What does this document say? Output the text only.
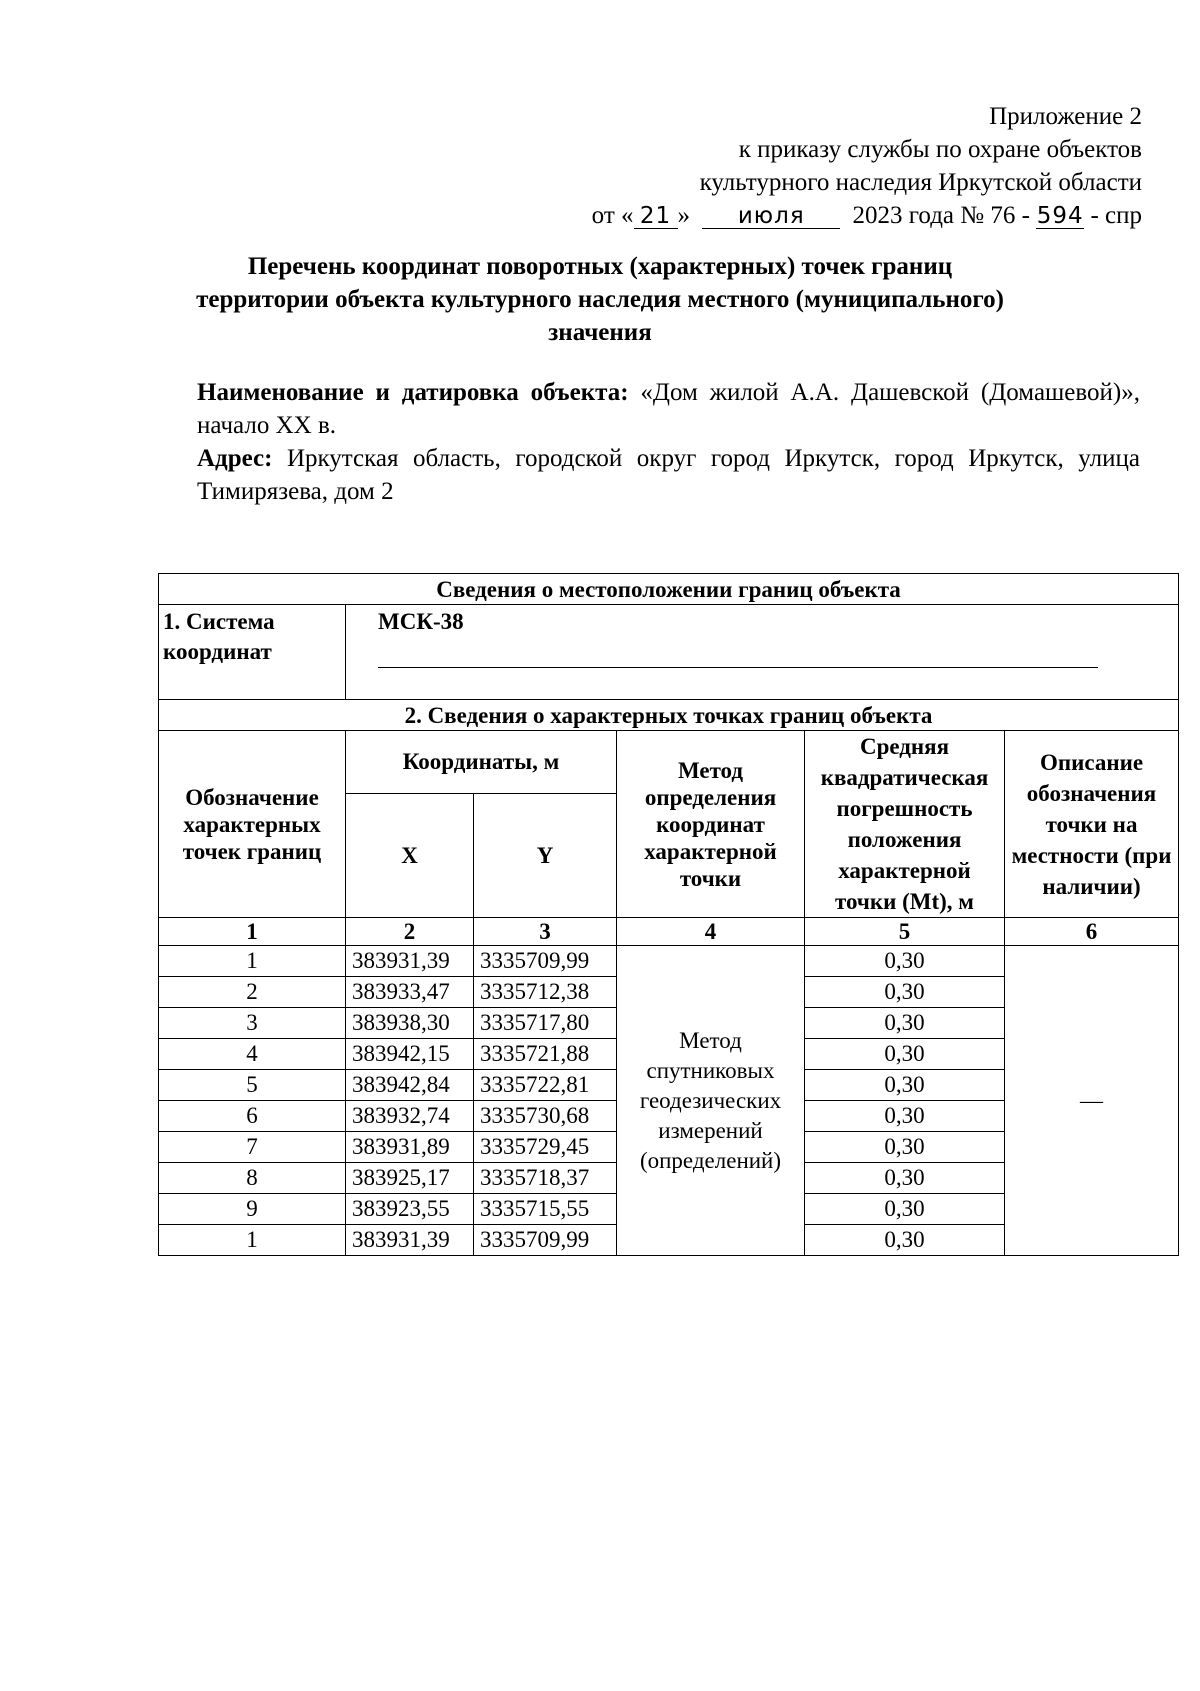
Приложение 2
к приказу службы по охране объектов
культурного наследия Иркутской области
от « 21 » июля 2023 года № 76 - 594 - спр
Перечень координат поворотных (характерных) точек границ
территории объекта культурного наследия местного (муниципального)
значения

Наименование и датировка объекта: «Дом жилой А.А. Дашевской (Домашевой)», начало XX в.

Адрес: Иркутская область, городской округ город Иркутск, город Иркутск, улица Тимирязева, дом 2

Сведения о местоположении границ объекта					
1. Система координат	МСК-38				

2. Сведения о характерных точках границ объекта					
Обозначение характерных точек границ	Координаты, м		Метод определения координат характерной точки	Средняя квадратическая погрешность положения характерной точки (Mt), м	Описание обозначения точки на местности (при наличии)
	X	Y			
1	2	3	4	5	6
1	383931,39	3335709,99	Метод спутниковых геодезических измерений (определений)	0,30	—
2	383933,47	3335712,38		0,30	
3	383938,30	3335717,80		0,30	
4	383942,15	3335721,88		0,30	
5	383942,84	3335722,81		0,30	
6	383932,74	3335730,68		0,30	
7	383931,89	3335729,45		0,30	
8	383925,17	3335718,37		0,30	
9	383923,55	3335715,55		0,30	
1	383931,39	3335709,99		0,30	
